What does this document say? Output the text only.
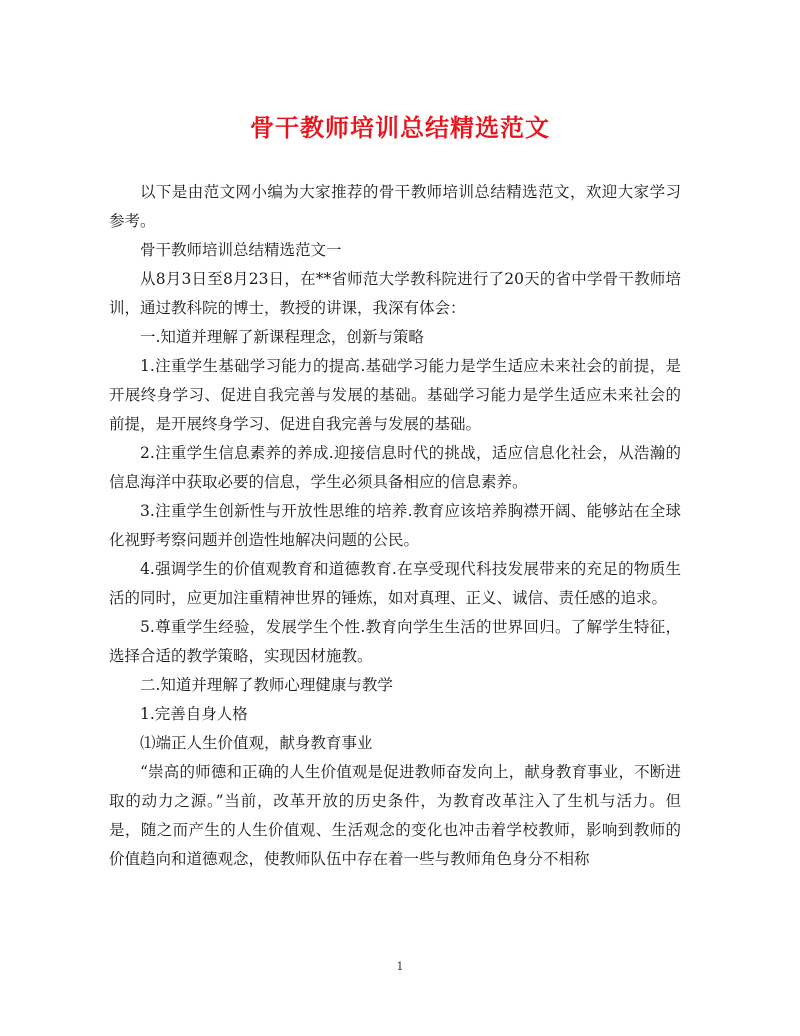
骨干教师培训总结精选范文

以下是由范文网小编为大家推荐的骨干教师培训总结精选范文，欢迎大家学习参考。

骨干教师培训总结精选范文一

从8月3日至8月23日，在**省师范大学教科院进行了20天的省中学骨干教师培训，通过教科院的博士，教授的讲课，我深有体会：

一.知道并理解了新课程理念，创新与策略

1.注重学生基础学习能力的提高.基础学习能力是学生适应未来社会的前提，是开展终身学习、促进自我完善与发展的基础。基础学习能力是学生适应未来社会的前提，是开展终身学习、促进自我完善与发展的基础。

2.注重学生信息素养的养成.迎接信息时代的挑战，适应信息化社会，从浩瀚的信息海洋中获取必要的信息，学生必须具备相应的信息素养。

3.注重学生创新性与开放性思维的培养.教育应该培养胸襟开阔、能够站在全球化视野考察问题并创造性地解决问题的公民。

4.强调学生的价值观教育和道德教育.在享受现代科技发展带来的充足的物质生活的同时，应更加注重精神世界的锤炼，如对真理、正义、诚信、责任感的追求。

5.尊重学生经验，发展学生个性.教育向学生生活的世界回归。了解学生特征，选择合适的教学策略，实现因材施教。

二.知道并理解了教师心理健康与教学

1.完善自身人格

⑴端正人生价值观，献身教育事业

“崇高的师德和正确的人生价值观是促进教师奋发向上，献身教育事业，不断进取的动力之源。”当前，改革开放的历史条件，为教育改革注入了生机与活力。但是，随之而产生的人生价值观、生活观念的变化也冲击着学校教师，影响到教师的价值趋向和道德观念，使教师队伍中存在着一些与教师角色身分不相称

1
